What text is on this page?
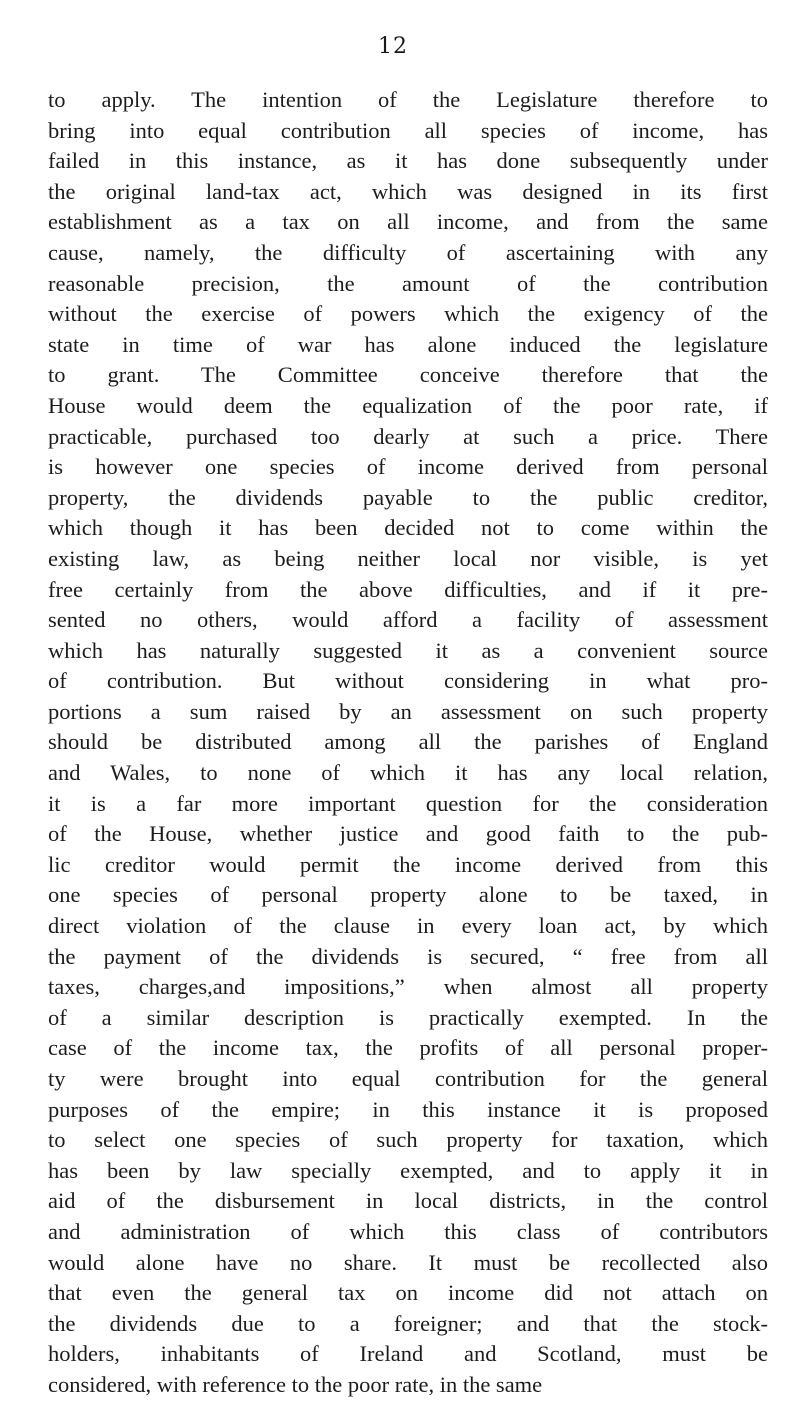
12
to apply. The intention of the Legislature therefore to
bring into equal contribution all species of income, has
failed in this instance, as it has done subsequently under
the original land-tax act, which was designed in its first
establishment as a tax on all income, and from the same
cause, namely, the difficulty of ascertaining with any
reasonable precision, the amount of the contribution
without the exercise of powers which the exigency of the
state in time of war has alone induced the legislature
to grant. The Committee conceive therefore that the
House would deem the equalization of the poor rate, if
practicable, purchased too dearly at such a price. There
is however one species of income derived from personal
property, the dividends payable to the public creditor,
which though it has been decided not to come within the
existing law, as being neither local nor visible, is yet
free certainly from the above difficulties, and if it pre-
sented no others, would afford a facility of assessment
which has naturally suggested it as a convenient source
of contribution. But without considering in what pro-
portions a sum raised by an assessment on such property
should be distributed among all the parishes of England
and Wales, to none of which it has any local relation,
it is a far more important question for the consideration
of the House, whether justice and good faith to the pub-
lic creditor would permit the income derived from this
one species of personal property alone to be taxed, in
direct violation of the clause in every loan act, by which
the payment of the dividends is secured, “ free from all
taxes, charges,and impositions,” when almost all property
of a similar description is practically exempted. In the
case of the income tax, the profits of all personal proper-
ty were brought into equal contribution for the general
purposes of the empire; in this instance it is proposed
to select one species of such property for taxation, which
has been by law specially exempted, and to apply it in
aid of the disbursement in local districts, in the control
and administration of which this class of contributors
would alone have no share. It must be recollected also
that even the general tax on income did not attach on
the dividends due to a foreigner; and that the stock-
holders, inhabitants of Ireland and Scotland, must be
considered, with reference to the poor rate, in the same
